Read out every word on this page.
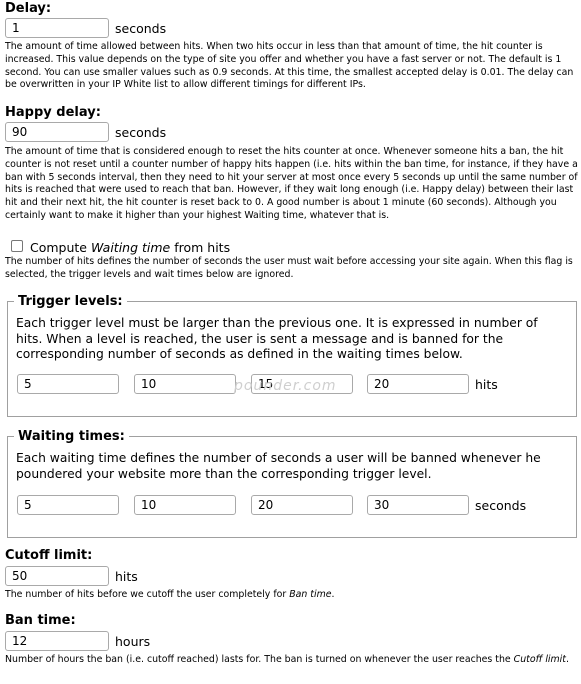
Delay:
1
seconds
The amount of time allowed between hits. When two hits occur in less than that amount of time, the hit counter is increased. This value depends on the type of site you offer and whether you have a fast server or not. The default is 1 second. You can use smaller values such as 0.9 seconds. At this time, the smallest accepted delay is 0.01. The delay can be overwritten in your IP White list to allow different timings for different IPs.
Happy delay:
90
seconds
The amount of time that is considered enough to reset the hits counter at once. Whenever someone hits a ban, the hit counter is not reset until a counter number of happy hits happen (i.e. hits within the ban time, for instance, if they have a ban with 5 seconds interval, then they need to hit your server at most once every 5 seconds up until the same number of hits is reached that were used to reach that ban. However, if they wait long enough (i.e. Happy delay) between their last hit and their next hit, the hit counter is reset back to 0. A good number is about 1 minute (60 seconds). Although you certainly want to make it higher than your highest Waiting time, whatever that is.
Compute Waiting time from hits
The number of hits defines the number of seconds the user must wait before accessing your site again. When this flag is selected, the trigger levels and wait times below are ignored.
Trigger levels:
Each trigger level must be larger than the previous one. It is expressed in number of hits. When a level is reached, the user is sent a message and is banned for the corresponding number of seconds as defined in the waiting times below.
5
10
15
20
hits
pounder.com
Waiting times:
Each waiting time defines the number of seconds a user will be banned whenever he poundered your website more than the corresponding trigger level.
5
10
20
30
seconds
Cutoff limit:
50
hits
The number of hits before we cutoff the user completely for Ban time.
Ban time:
12
hours
Number of hours the ban (i.e. cutoff reached) lasts for. The ban is turned on whenever the user reaches the Cutoff limit.
